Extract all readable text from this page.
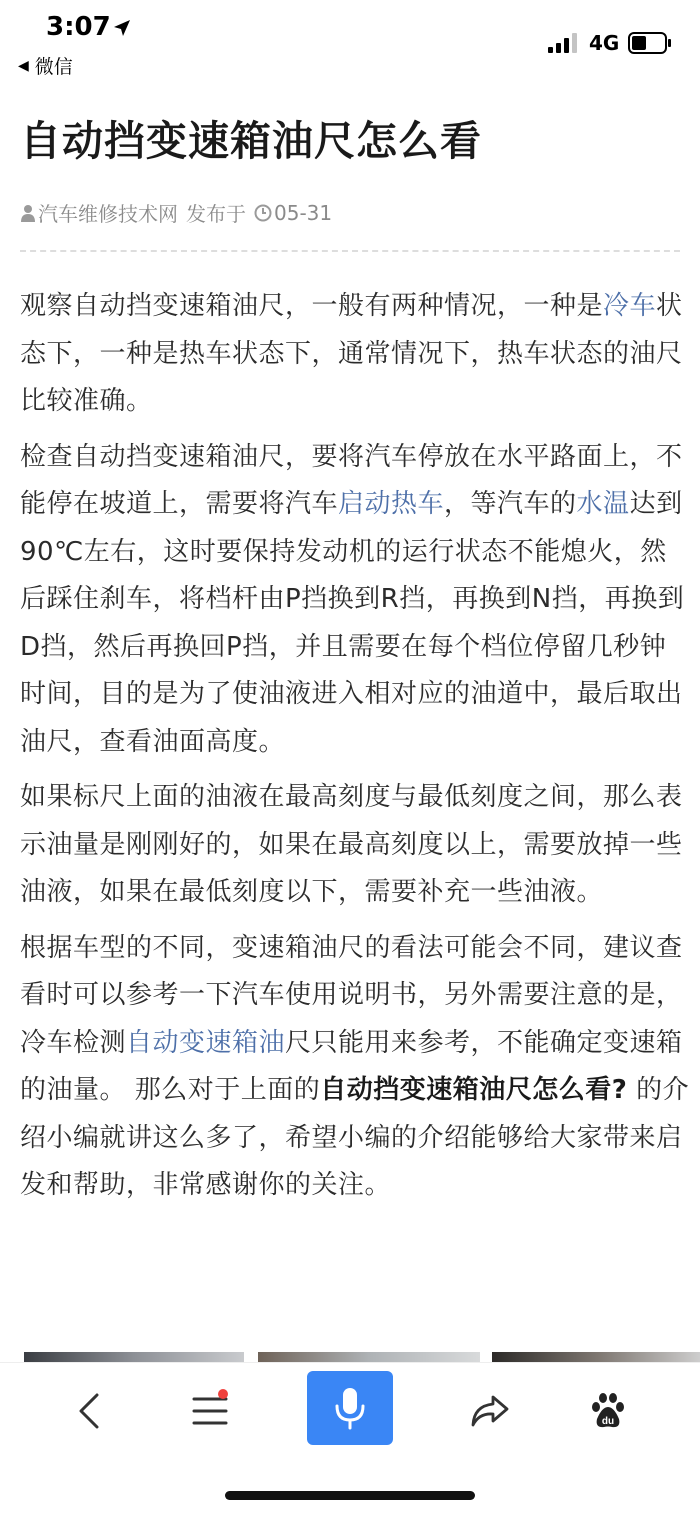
3:07
◀ 微信
4G
自动挡变速箱油尺怎么看
汽车维修技术网 发布于 05-31

观察自动挡变速箱油尺，一般有两种情况，一种是冷车状态下，一种是热车状态下，通常情况下，热车状态的油尺比较准确。

检查自动挡变速箱油尺，要将汽车停放在水平路面上，不能停在坡道上，需要将汽车启动热车，等汽车的水温达到90℃左右，这时要保持发动机的运行状态不能熄火，然后踩住刹车，将档杆由P挡换到R挡，再换到N挡，再换到D挡，然后再换回P挡，并且需要在每个档位停留几秒钟时间，目的是为了使油液进入相对应的油道中，最后取出油尺，查看油面高度。

如果标尺上面的油液在最高刻度与最低刻度之间，那么表示油量是刚刚好的，如果在最高刻度以上，需要放掉一些油液，如果在最低刻度以下，需要补充一些油液。

根据车型的不同，变速箱油尺的看法可能会不同，建议查看时可以参考一下汽车使用说明书，另外需要注意的是，冷车检测自动变速箱油尺只能用来参考，不能确定变速箱的油量。 那么对于上面的自动挡变速箱油尺怎么看? 的介绍小编就讲这么多了，希望小编的介绍能够给大家带来启发和帮助，非常感谢你的关注。

du
